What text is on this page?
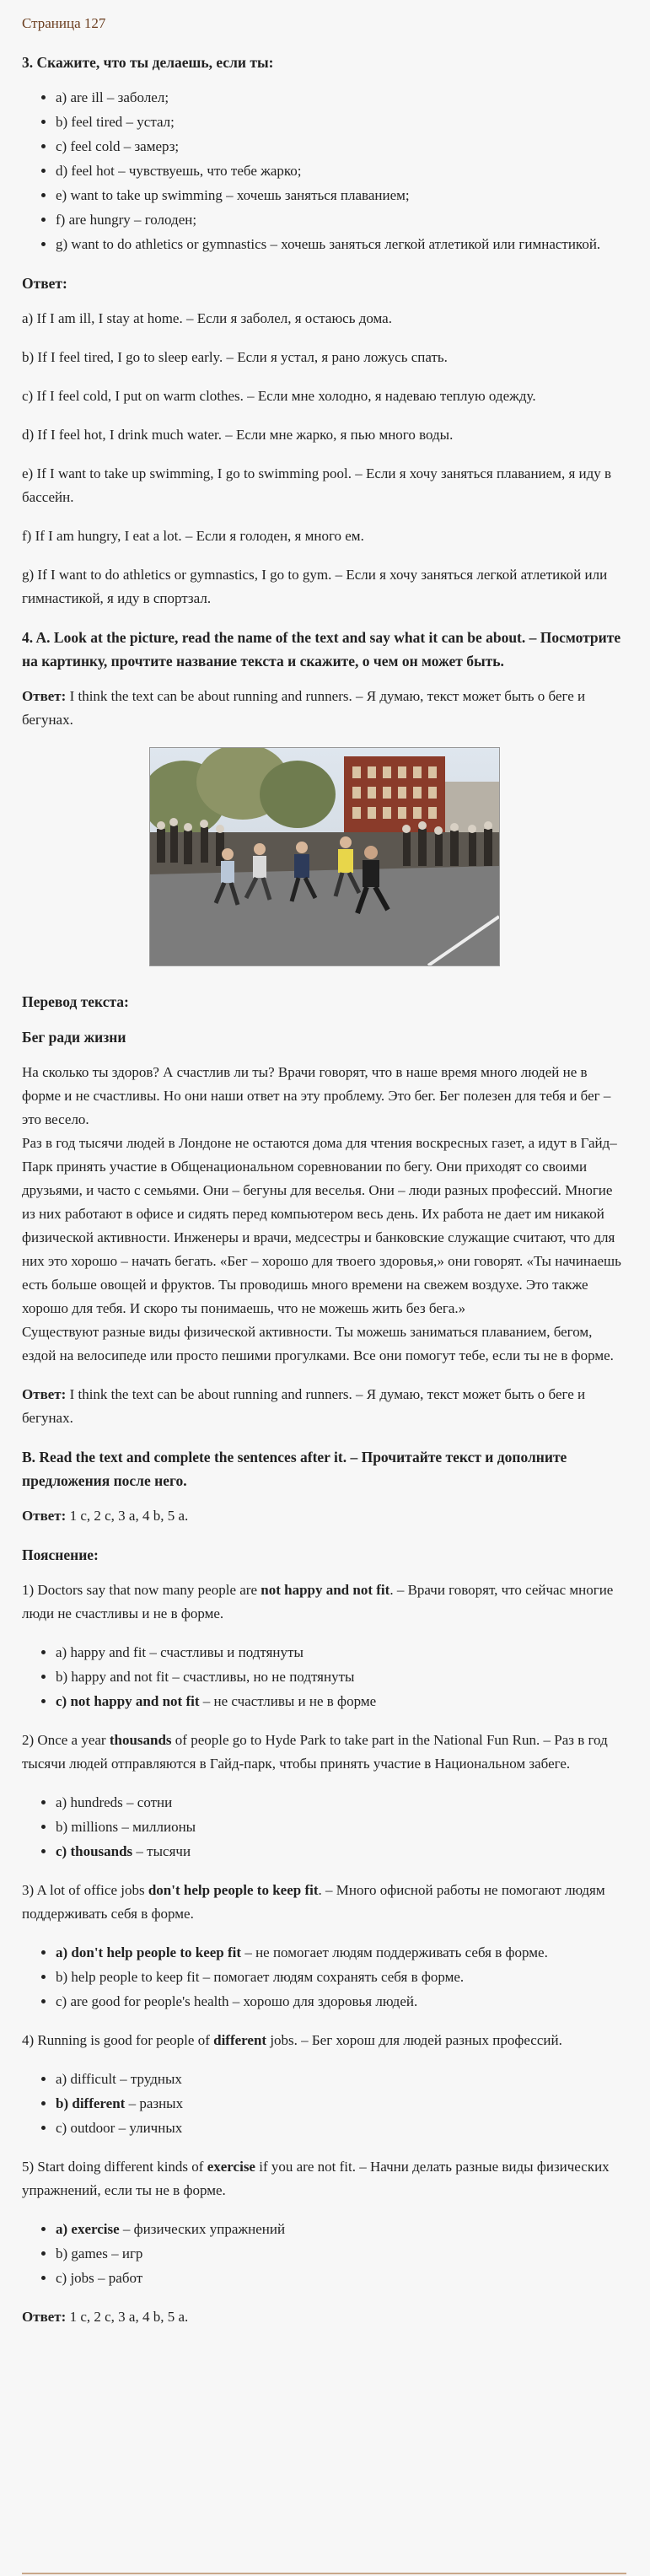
Страница 127
3. Скажите, что ты делаешь, если ты:
• a) are ill – заболел;
• b) feel tired – устал;
• c) feel cold – замерз;
• d) feel hot – чувствуешь, что тебе жарко;
• e) want to take up swimming – хочешь заняться плаванием;
• f) are hungry – голоден;
• g) want to do athletics or gymnastics – хочешь заняться легкой атлетикой или гимнастикой.
Ответ:

a) If I am ill, I stay at home. – Если я заболел, я остаюсь дома.

b) If I feel tired, I go to sleep early. – Если я устал, я рано ложусь спать.

c) If I feel cold, I put on warm clothes. – Если мне холодно, я надеваю теплую одежду.

d) If I feel hot, I drink much water. – Если мне жарко, я пью много воды.

e) If I want to take up swimming, I go to swimming pool. – Если я хочу заняться плаванием, я иду в бассейн.

f) If I am hungry, I eat a lot. – Если я голоден, я много ем.

g) If I want to do athletics or gymnastics, I go to gym. – Если я хочу заняться легкой атлетикой или гимнастикой, я иду в спортзал.

4. A. Look at the picture, read the name of the text and say what it can be about. – Посмотрите на картинку, прочтите название текста и скажите, о чем он может быть.

Ответ: I think the text can be about running and runners. – Я думаю, текст может быть о беге и бегунах.

Перевод текста:
Бег ради жизни

На сколько ты здоров? А счастлив ли ты? Врачи говорят, что в наше время много людей не в форме и не счастливы. Но они наши ответ на эту проблему. Это бег. Бег полезен для тебя и бег – это весело.

Раз в год тысячи людей в Лондоне не остаются дома для чтения воскресных газет, а идут в Гайд–Парк принять участие в Общенациональном соревновании по бегу. Они приходят со своими друзьями, и часто с семьями. Они – бегуны для веселья. Они – люди разных профессий. Многие из них работают в офисе и сидять перед компьютером весь день. Их работа не дает им никакой физической активности. Инженеры и врачи, медсестры и банковские служащие считают, что для них это хорошо – начать бегать. «Бег – хорошо для твоего здоровья,» они говорят. «Ты начинаешь есть больше овощей и фруктов. Ты проводишь много времени на свежем воздухе. Это также хорошо для тебя. И скоро ты понимаешь, что не можешь жить без бега.»

Существуют разные виды физической активности. Ты можешь заниматься плаванием, бегом, ездой на велосипеде или просто пешими прогулками. Все они помогут тебе, если ты не в форме.

Ответ: I think the text can be about running and runners. – Я думаю, текст может быть о беге и бегунах.

B. Read the text and complete the sentences after it. – Прочитайте текст и дополните предложения после него.

Ответ: 1 c, 2 c, 3 a, 4 b, 5 a.

Пояснение:

1) Doctors say that now many people are not happy and not fit. – Врачи говорят, что сейчас многие люди не счастливы и не в форме.

• a) happy and fit – счастливы и подтянуты
• b) happy and not fit – счастливы, но не подтянуты
• c) not happy and not fit – не счастливы и не в форме

2) Once a year thousands of people go to Hyde Park to take part in the National Fun Run. – Раз в год тысячи людей отправляются в Гайд-парк, чтобы принять участие в Национальном забеге.

• a) hundreds – сотни
• b) millions – миллионы
• c) thousands – тысячи

3) A lot of office jobs don't help people to keep fit. – Много офисной работы не помогают людям поддерживать себя в форме.

• a) don't help people to keep fit – не помогает людям поддерживать себя в форме.
• b) help people to keep fit – помогает людям сохранять себя в форме.
• c) are good for people's health – хорошо для здоровья людей.

4) Running is good for people of different jobs. – Бег хорош для людей разных профессий.

• a) difficult – трудных
• b) different – разных
• c) outdoor – уличных

5) Start doing different kinds of exercise if you are not fit. – Начни делать разные виды физических упражнений, если ты не в форме.

• a) exercise – физических упражнений
• b) games – игр
• c) jobs – работ

Ответ: 1 c, 2 c, 3 a, 4 b, 5 a.
